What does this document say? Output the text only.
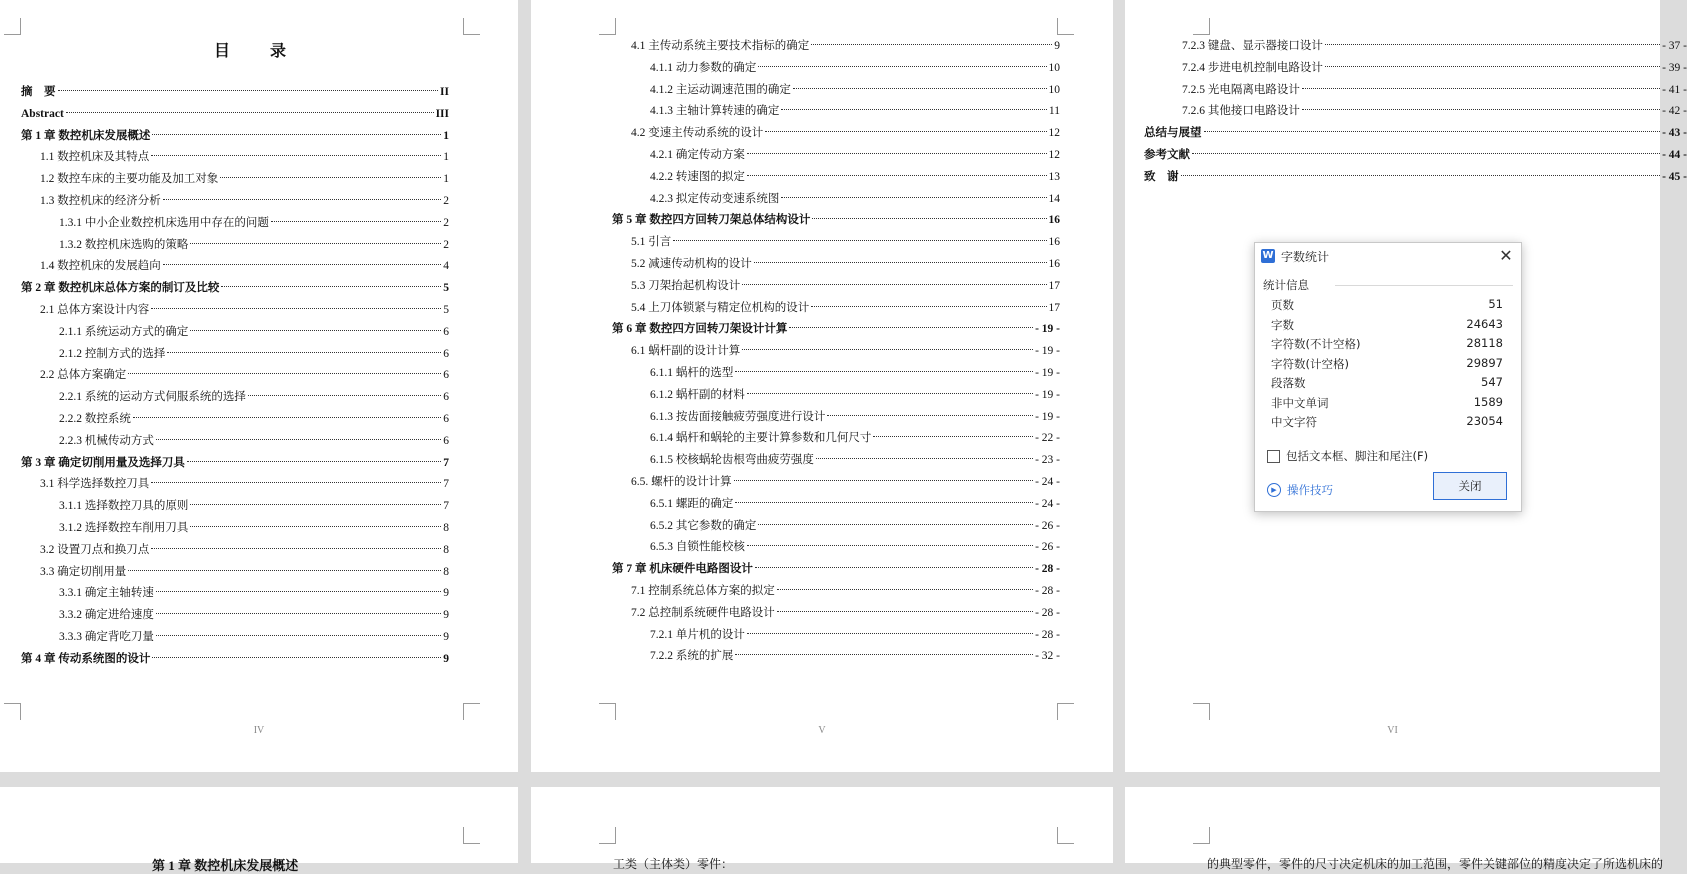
目 录
摘　要	II
Abstract	III
第 1 章 数控机床发展概述	1
1.1 数控机床及其特点	1
1.2 数控车床的主要功能及加工对象	1
1.3 数控机床的经济分析	2
1.3.1 中小企业数控机床选用中存在的问题	2
1.3.2 数控机床选购的策略	2
1.4 数控机床的发展趋向	4
第 2 章 数控机床总体方案的制订及比较	5
2.1 总体方案设计内容	5
2.1.1 系统运动方式的确定	6
2.1.2 控制方式的选择	6
2.2 总体方案确定	6
2.2.1 系统的运动方式伺服系统的选择	6
2.2.2 数控系统	6
2.2.3 机械传动方式	6
第 3 章 确定切削用量及选择刀具	7
3.1 科学选择数控刀具	7
3.1.1 选择数控刀具的原则	7
3.1.2 选择数控车削用刀具	8
3.2 设置刀点和换刀点	8
3.3 确定切削用量	8
3.3.1 确定主轴转速	9
3.3.2 确定进给速度	9
3.3.3 确定背吃刀量	9
第 4 章 传动系统图的设计	9
IV
4.1 主传动系统主要技术指标的确定	9
4.1.1 动力参数的确定	10
4.1.2 主运动调速范围的确定	10
4.1.3 主轴计算转速的确定	11
4.2 变速主传动系统的设计	12
4.2.1 确定传动方案	12
4.2.2 转速图的拟定	13
4.2.3 拟定传动变速系统图	14
第 5 章 数控四方回转刀架总体结构设计	16
5.1 引言	16
5.2 减速传动机构的设计	16
5.3 刀架抬起机构设计	17
5.4 上刀体锁紧与精定位机构的设计	17
第 6 章 数控四方回转刀架设计计算	- 19 -
6.1 蜗杆副的设计计算	- 19 -
6.1.1 蜗杆的选型	- 19 -
6.1.2 蜗杆副的材料	- 19 -
6.1.3 按齿面接触疲劳强度进行设计	- 19 -
6.1.4 蜗杆和蜗轮的主要计算参数和几何尺寸	- 22 -
6.1.5 校核蜗轮齿根弯曲疲劳强度	- 23 -
6.5. 螺杆的设计计算	- 24 -
6.5.1 螺距的确定	- 24 -
6.5.2 其它参数的确定	- 26 -
6.5.3 自锁性能校核	- 26 -
第 7 章 机床硬件电路图设计	- 28 -
7.1 控制系统总体方案的拟定	- 28 -
7.2 总控制系统硬件电路设计	- 28 -
7.2.1 单片机的设计	- 28 -
7.2.2 系统的扩展	- 32 -
V
7.2.3 键盘、显示器接口设计	- 37 -
7.2.4 步进电机控制电路设计	- 39 -
7.2.5 光电隔离电路设计	- 41 -
7.2.6 其他接口电路设计	- 42 -
总结与展望	- 43 -
参考文献	- 44 -
致　谢	- 45 -
VI
第 1 章 数控机床发展概述	工类（主体类）零件：	的典型零件，零件的尺寸决定机床的加工范围，零件关键部位的精度决定了所选机床的
W 字数统计	✕
统计信息
页数	51
字数	24643
字符数(不计空格)	28118
字符数(计空格)	29897
段落数	547
非中文单词	1589
中文字符	23054
包括文本框、脚注和尾注(F)
▶ 操作技巧	关闭
